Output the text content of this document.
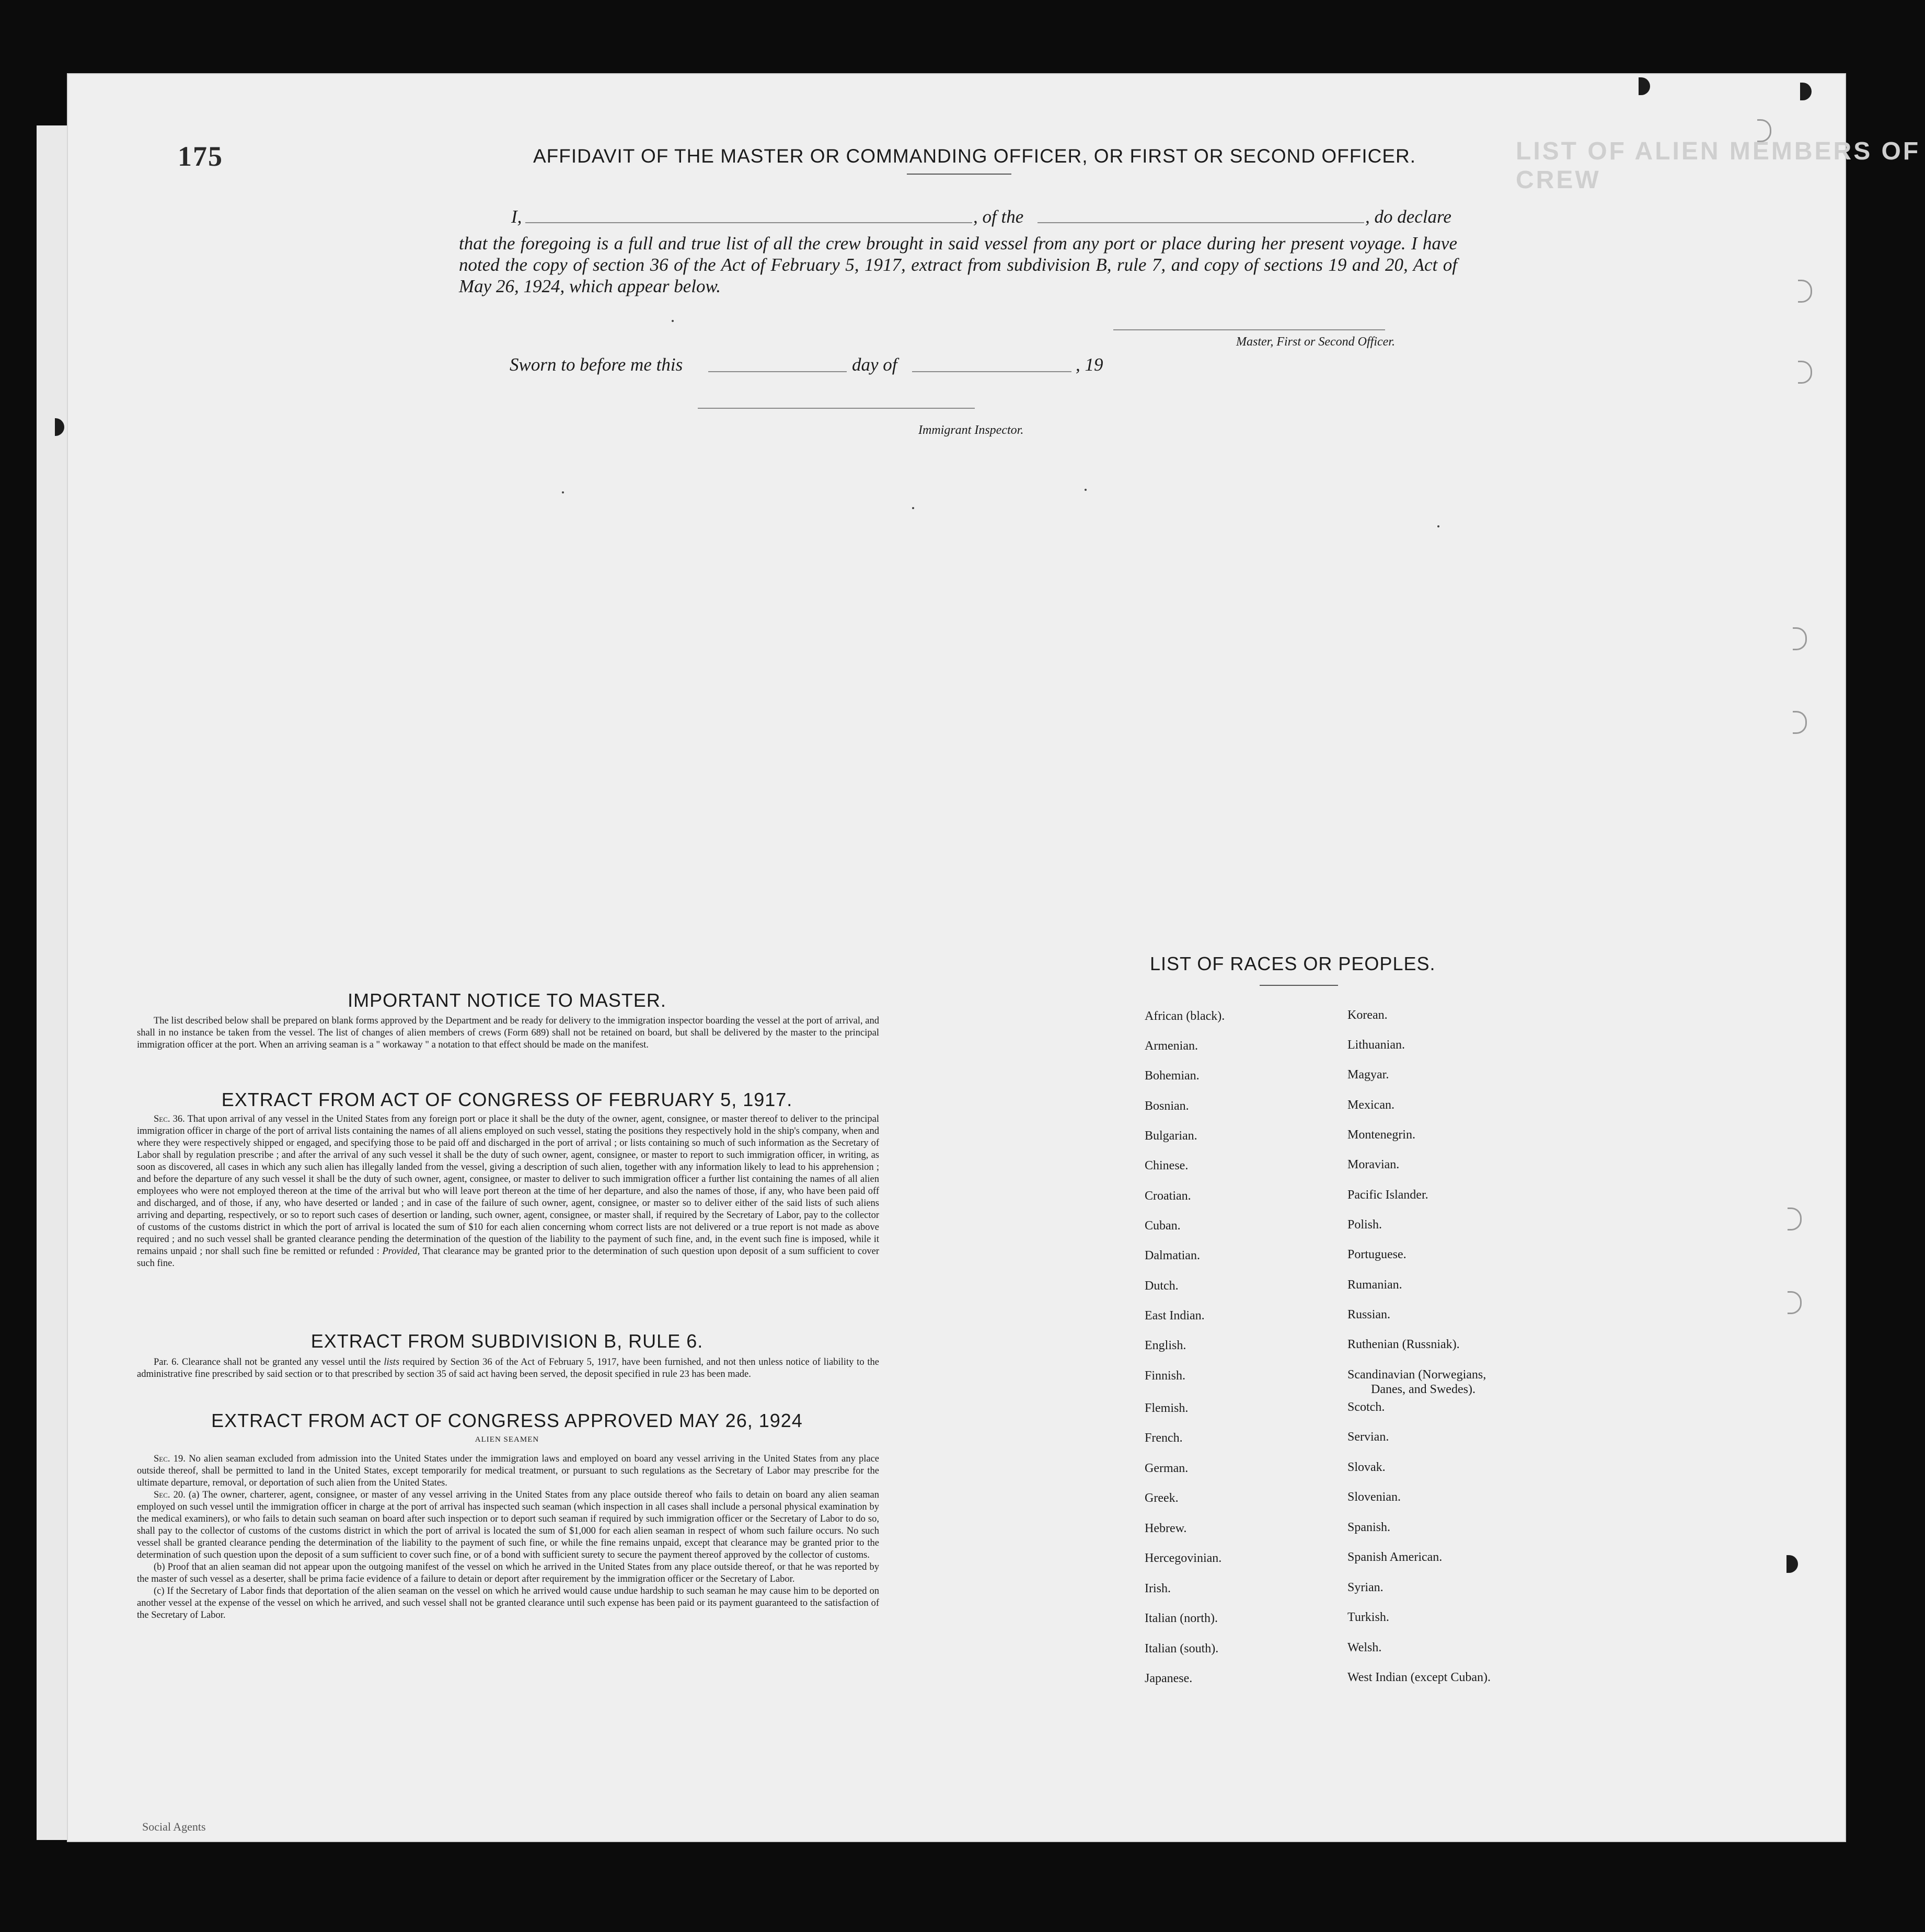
175	LIST OF ALIEN MEMBERS OF CREW
AFFIDAVIT OF THE MASTER OR COMMANDING OFFICER, OR FIRST OR SECOND OFFICER.
I,	, of the	, do declare
that the foregoing is a full and true list of all the crew brought in said vessel from any port or place during her present voyage. I have noted the copy of section 36 of the Act of February 5, 1917, extract from subdivision B, rule 7, and copy of sections 19 and 20, Act of May 26, 1924, which appear below.
Master, First or Second Officer.
Sworn to before me this	day of	, 19
Immigrant Inspector.
IMPORTANT NOTICE TO MASTER.

The list described below shall be prepared on blank forms approved by the Department and be ready for delivery to the immigration inspector boarding the vessel at the port of arrival, and shall in no instance be taken from the vessel. The list of changes of alien members of crews (Form 689) shall not be retained on board, but shall be delivered by the master to the principal immigration officer at the port. When an arriving seaman is a " workaway " a notation to that effect should be made on the manifest.

EXTRACT FROM ACT OF CONGRESS OF FEBRUARY 5, 1917.

Sec. 36. That upon arrival of any vessel in the United States from any foreign port or place it shall be the duty of the owner, agent, consignee, or master thereof to deliver to the principal immigration officer in charge of the port of arrival lists containing the names of all aliens employed on such vessel, stating the positions they respectively hold in the ship's company, when and where they were respectively shipped or engaged, and specifying those to be paid off and discharged in the port of arrival ; or lists containing so much of such information as the Secretary of Labor shall by regulation prescribe ; and after the arrival of any such vessel it shall be the duty of such owner, agent, consignee, or master to report to such immigration officer, in writing, as soon as discovered, all cases in which any such alien has illegally landed from the vessel, giving a description of such alien, together with any information likely to lead to his apprehension ; and before the departure of any such vessel it shall be the duty of such owner, agent, consignee, or master to deliver to such immigration officer a further list containing the names of all alien employees who were not employed thereon at the time of the arrival but who will leave port thereon at the time of her departure, and also the names of those, if any, who have been paid off and discharged, and of those, if any, who have deserted or landed ; and in case of the failure of such owner, agent, consignee, or master so to deliver either of the said lists of such aliens arriving and departing, respectively, or so to report such cases of desertion or landing, such owner, agent, consignee, or master shall, if required by the Secretary of Labor, pay to the collector of customs of the customs district in which the port of arrival is located the sum of $10 for each alien concerning whom correct lists are not delivered or a true report is not made as above required ; and no such vessel shall be granted clearance pending the determination of the question of the liability to the payment of such fine, and, in the event such fine is imposed, while it remains unpaid ; nor shall such fine be remitted or refunded : Provided, That clearance may be granted prior to the determination of such question upon deposit of a sum sufficient to cover such fine.

EXTRACT FROM SUBDIVISION B, RULE 6.

Par. 6. Clearance shall not be granted any vessel until the lists required by Section 36 of the Act of February 5, 1917, have been furnished, and not then unless notice of liability to the administrative fine prescribed by said section or to that prescribed by section 35 of said act having been served, the deposit specified in rule 23 has been made.

EXTRACT FROM ACT OF CONGRESS APPROVED MAY 26, 1924
ALIEN SEAMEN

Sec. 19. No alien seaman excluded from admission into the United States under the immigration laws and employed on board any vessel arriving in the United States from any place outside thereof, shall be permitted to land in the United States, except temporarily for medical treatment, or pursuant to such regulations as the Secretary of Labor may prescribe for the ultimate departure, removal, or deportation of such alien from the United States.

Sec. 20. (a) The owner, charterer, agent, consignee, or master of any vessel arriving in the United States from any place outside thereof who fails to detain on board any alien seaman employed on such vessel until the immigration officer in charge at the port of arrival has inspected such seaman (which inspection in all cases shall include a personal physical examination by the medical examiners), or who fails to detain such seaman on board after such inspection or to deport such seaman if required by such immigration officer or the Secretary of Labor to do so, shall pay to the collector of customs of the customs district in which the port of arrival is located the sum of $1,000 for each alien seaman in respect of whom such failure occurs. No such vessel shall be granted clearance pending the determination of the liability to the payment of such fine, or while the fine remains unpaid, except that clearance may be granted prior to the determination of such question upon the deposit of a sum sufficient to cover such fine, or of a bond with sufficient surety to secure the payment thereof approved by the collector of customs.

(b) Proof that an alien seaman did not appear upon the outgoing manifest of the vessel on which he arrived in the United States from any place outside thereof, or that he was reported by the master of such vessel as a deserter, shall be prima facie evidence of a failure to detain or deport after requirement by the immigration officer or the Secretary of Labor.

(c) If the Secretary of Labor finds that deportation of the alien seaman on the vessel on which he arrived would cause undue hardship to such seaman he may cause him to be deported on another vessel at the expense of the vessel on which he arrived, and such vessel shall not be granted clearance until such expense has been paid or its payment guaranteed to the satisfaction of the Secretary of Labor.

LIST OF RACES OR PEOPLES.
African (black).
Armenian.
Bohemian.
Bosnian.
Bulgarian.
Chinese.
Croatian.
Cuban.
Dalmatian.
Dutch.
East Indian.
English.
Finnish.
Flemish.
French.
German.
Greek.
Hebrew.
Hercegovinian.
Irish.
Italian (north).
Italian (south).
Japanese.
Korean.
Lithuanian.
Magyar.
Mexican.
Montenegrin.
Moravian.
Pacific Islander.
Polish.
Portuguese.
Rumanian.
Russian.
Ruthenian (Russniak).
Scandinavian (Norwegians,
Danes, and Swedes).
Scotch.
Servian.
Slovak.
Slovenian.
Spanish.
Spanish American.
Syrian.
Turkish.
Welsh.
West Indian (except Cuban).
Social Agents
